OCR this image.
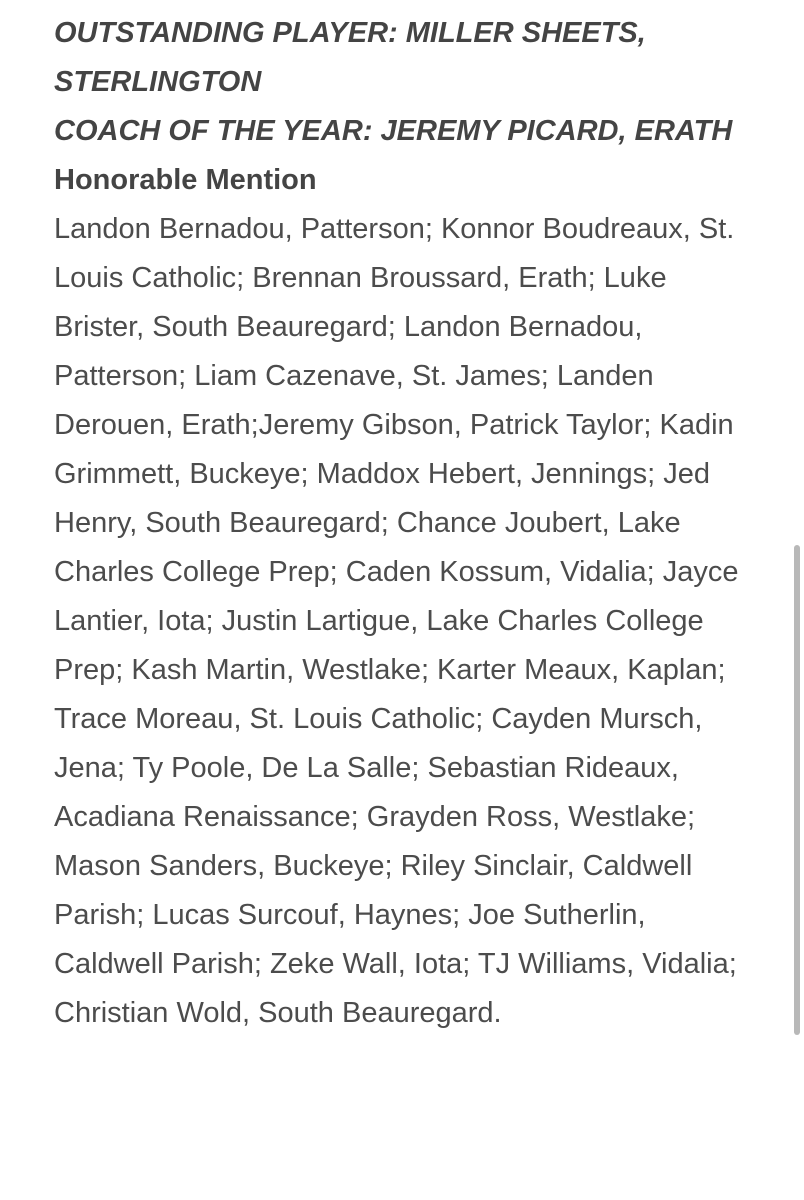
OUTSTANDING PLAYER: MILLER SHEETS, STERLINGTON

COACH OF THE YEAR: JEREMY PICARD, ERATH

Honorable Mention

Landon Bernadou, Patterson; Konnor Boudreaux, St. Louis Catholic; Brennan Broussard, Erath; Luke Brister, South Beauregard; Landon Bernadou, Patterson; Liam Cazenave, St. James; Landen Derouen, Erath;Jeremy Gibson, Patrick Taylor; Kadin Grimmett, Buckeye; Maddox Hebert, Jennings; Jed Henry, South Beauregard; Chance Joubert, Lake Charles College Prep; Caden Kossum, Vidalia; Jayce Lantier, Iota; Justin Lartigue, Lake Charles College Prep; Kash Martin, Westlake; Karter Meaux, Kaplan; Trace Moreau, St. Louis Catholic; Cayden Mursch, Jena; Ty Poole, De La Salle; Sebastian Rideaux, Acadiana Renaissance; Grayden Ross, Westlake; Mason Sanders, Buckeye; Riley Sinclair, Caldwell Parish; Lucas Surcouf, Haynes; Joe Sutherlin, Caldwell Parish; Zeke Wall, Iota; TJ Williams, Vidalia; Christian Wold, South Beauregard.
